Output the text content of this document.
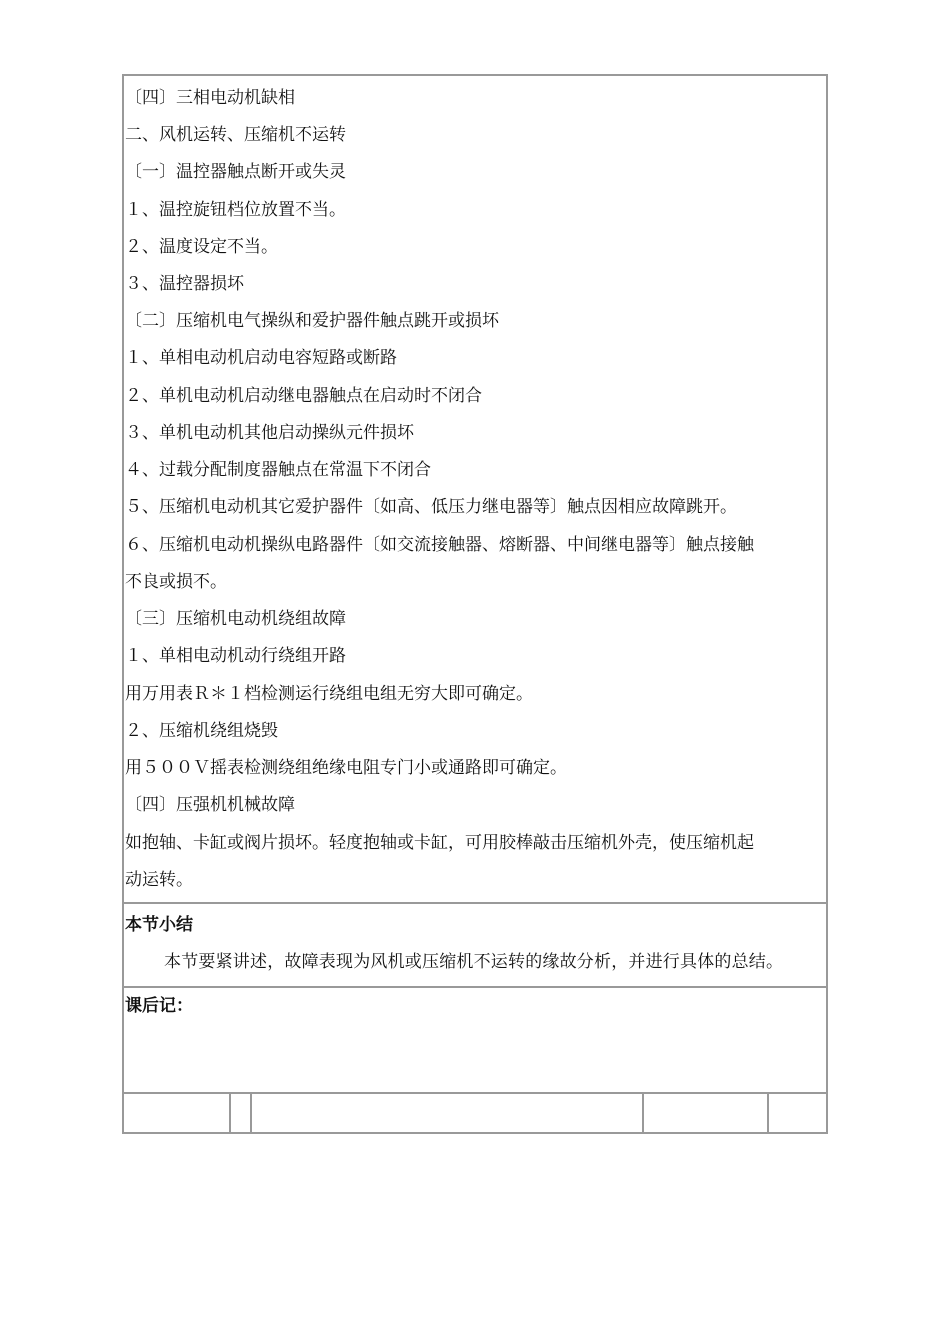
〔四〕三相电动机缺相
二、风机运转、压缩机不运转
〔一〕温控器触点断开或失灵
１、温控旋钮档位放置不当。
２、温度设定不当。
３、温控器损坏
〔二〕压缩机电气操纵和爱护器件触点跳开或损坏
１、单相电动机启动电容短路或断路
２、单机电动机启动继电器触点在启动时不闭合
３、单机电动机其他启动操纵元件损坏
４、过载分配制度器触点在常温下不闭合
５、压缩机电动机其它爱护器件〔如高、低压力继电器等〕触点因相应故障跳开。
６、压缩机电动机操纵电路器件〔如交流接触器、熔断器、中间继电器等〕触点接触
不良或损不。
〔三〕压缩机电动机绕组故障
１、单相电动机动行绕组开路
用万用表Ｒ＊１档检测运行绕组电组无穷大即可确定。
２、压缩机绕组烧毁
用５００Ｖ摇表检测绕组绝缘电阻专门小或通路即可确定。
〔四〕压强机机械故障
如抱轴、卡缸或阀片损坏。轻度抱轴或卡缸，可用胶棒敲击压缩机外壳，使压缩机起
动运转。
本节小结
本节要紧讲述，故障表现为风机或压缩机不运转的缘故分析，并进行具体的总结。
课后记：
